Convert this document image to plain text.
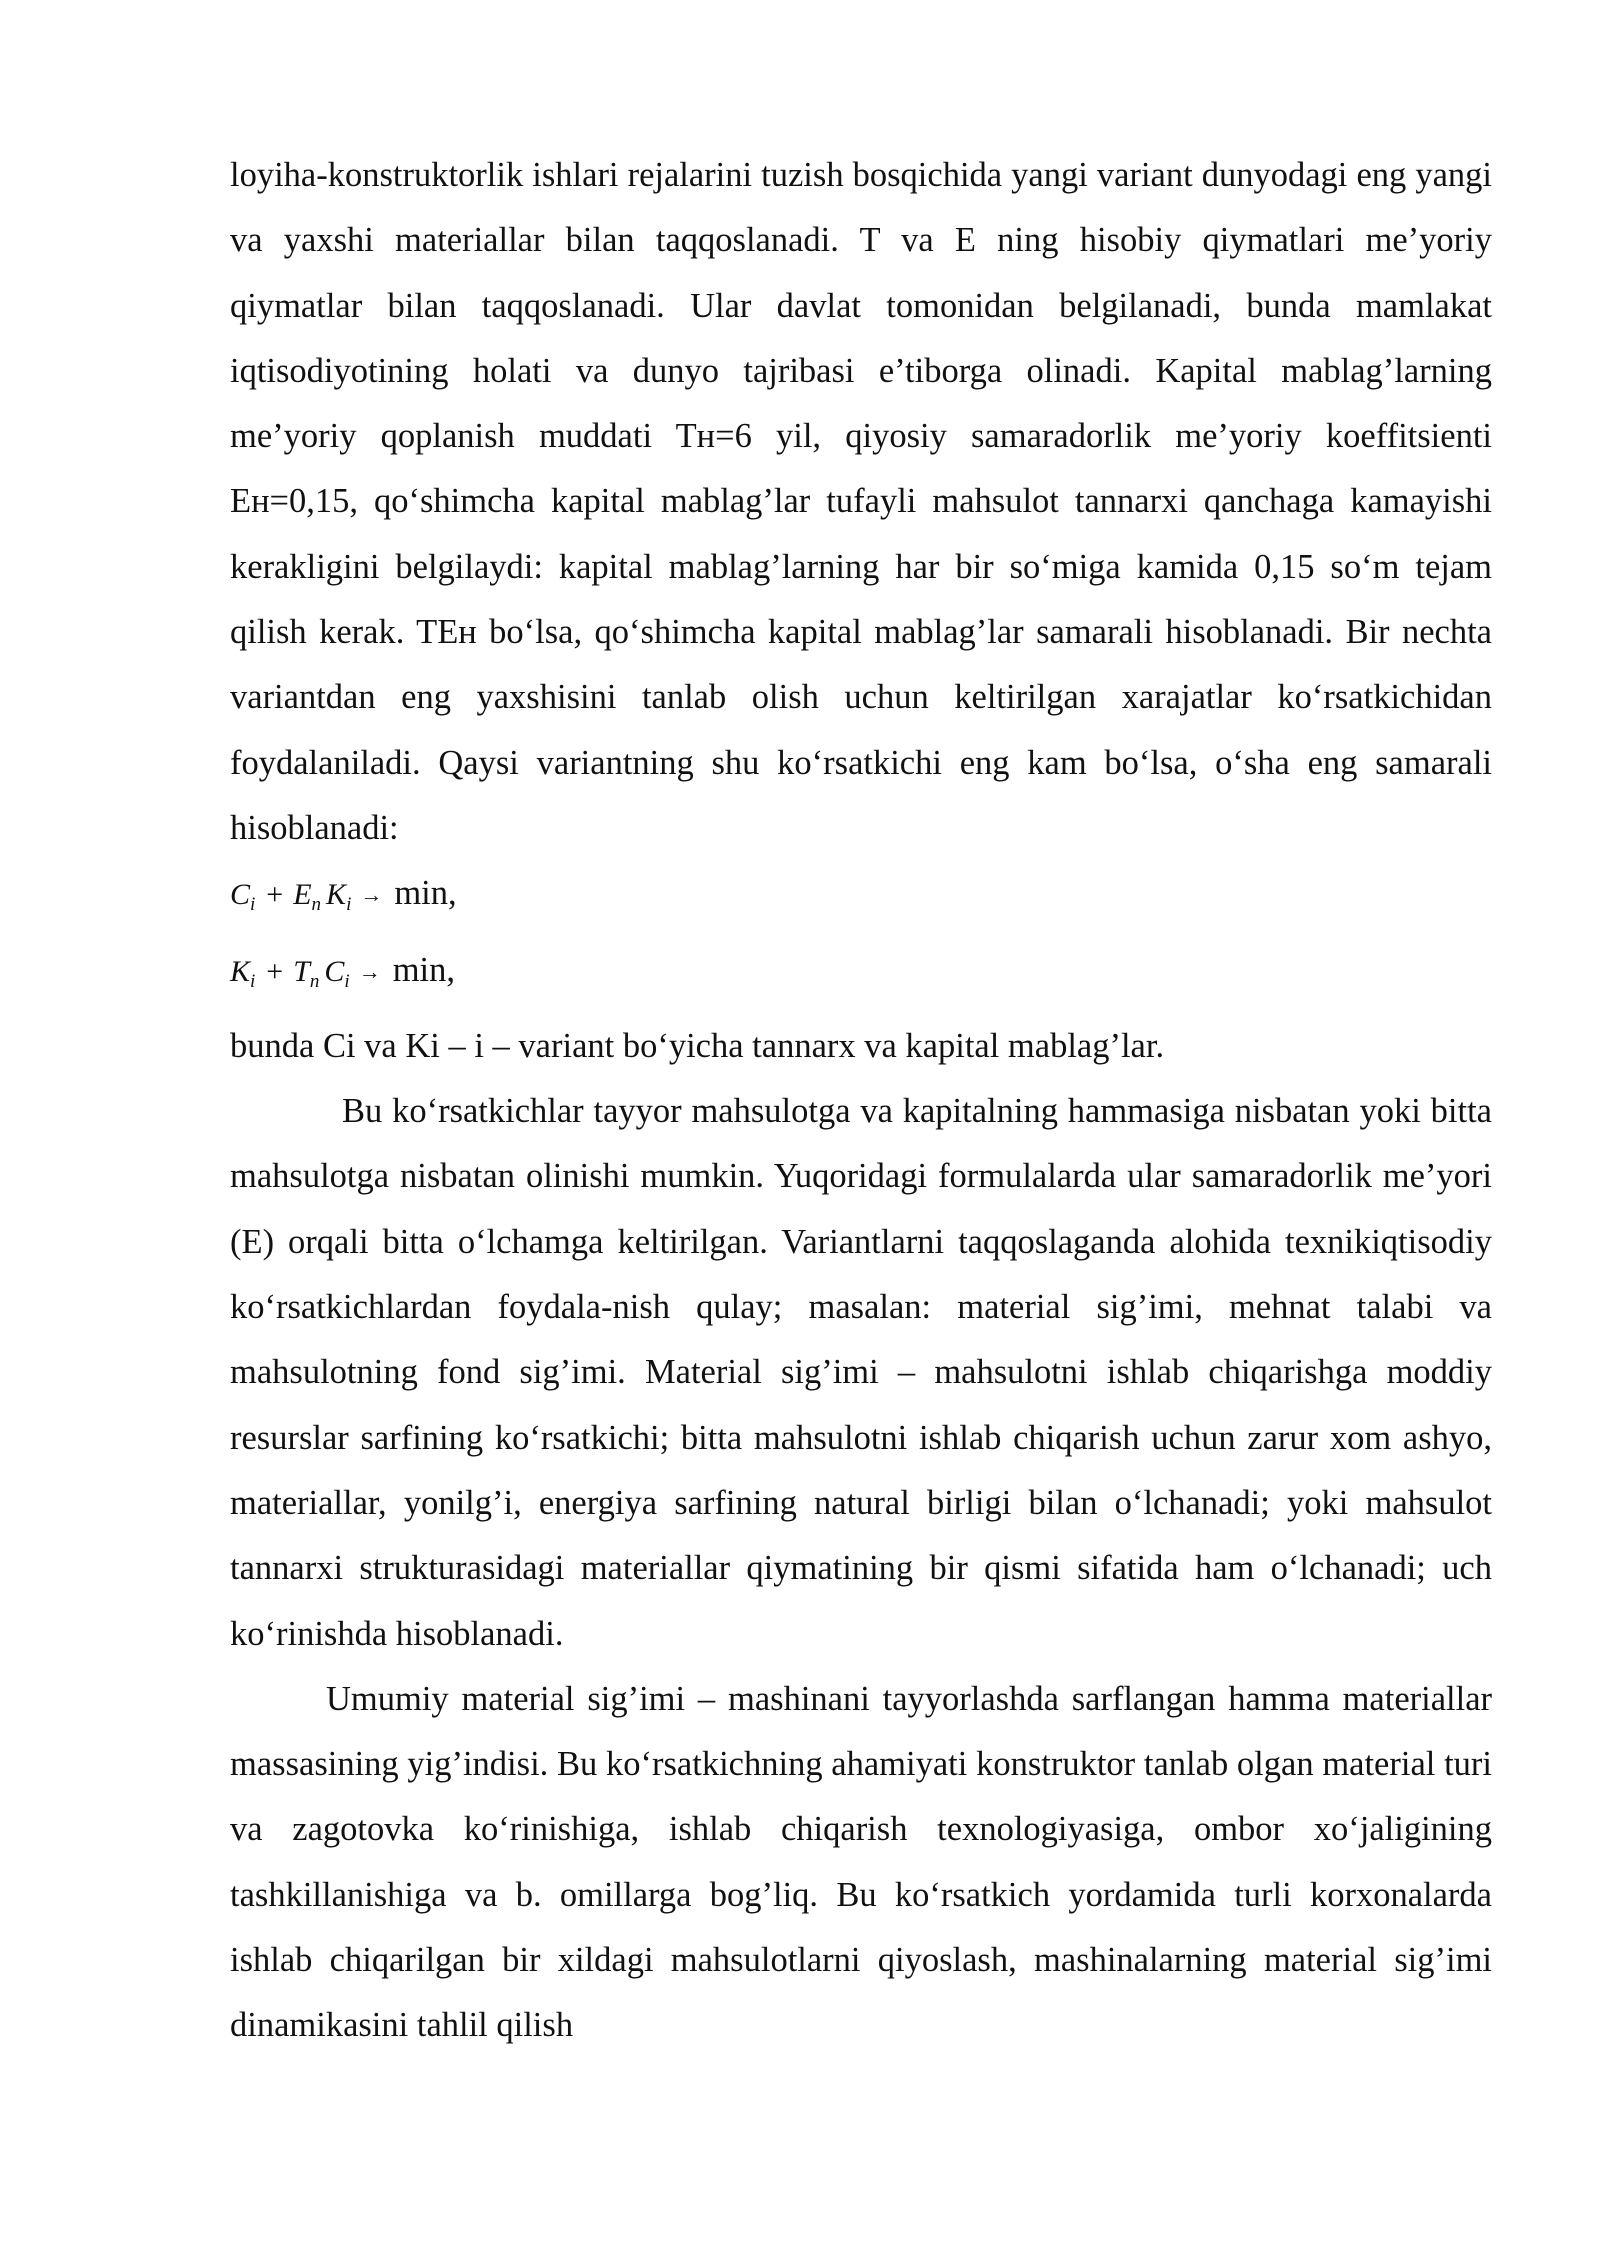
loyiha-konstruktorlik ishlari rejalarini tuzish bosqichida yangi variant dunyodagi eng yangi va yaxshi materiallar bilan taqqoslanadi. T va E ning hisobiy qiymatlari me’yoriy qiymatlar bilan taqqoslanadi. Ular davlat tomonidan belgilanadi, bunda mamlakat iqtisodiyotining holati va dunyo tajribasi e’tiborga olinadi. Kapital mablag’larning me’yoriy qoplanish muddati Tн=6 yil, qiyosiy samaradorlik me’yoriy koeffitsienti Eн=0,15, qo‘shimcha kapital mablag’lar tufayli mahsulot tannarxi qanchaga kamayishi kerakligini belgilaydi: kapital mablag’larning har bir so‘miga kamida 0,15 so‘m tejam qilish kerak. TEн bo‘lsa, qo‘shimcha kapital mablag’lar samarali hisoblanadi. Bir nechta variantdan eng yaxshisini tanlab olish uchun keltirilgan xarajatlar ko‘rsatkichidan foydalaniladi. Qaysi variantning shu ko‘rsatkichi eng kam bo‘lsa, o‘sha eng samarali hisoblanadi:

$C_i + E_n$ $K_i \to \min$,

$K_i + T_n$ $C_i \to \min$,

bunda Ci va Ki – i – variant bo‘yicha tannarx va kapital mablag’lar.

Bu ko‘rsatkichlar tayyor mahsulotga va kapitalning hammasiga nisbatan yoki bitta mahsulotga nisbatan olinishi mumkin. Yuqoridagi formulalarda ular samaradorlik me’yori (E) orqali bitta o‘lchamga keltirilgan. Variantlarni taqqoslaganda alohida texnikiqtisodiy ko‘rsatkichlardan foydala-nish qulay; masalan: material sig’imi, mehnat talabi va mahsulotning fond sig’imi. Material sig’imi – mahsulotni ishlab chiqarishga moddiy resurslar sarfining ko‘rsatkichi; bitta mahsulotni ishlab chiqarish uchun zarur xom ashyo, materiallar, yonilg’i, energiya sarfining natural birligi bilan o‘lchanadi; yoki mahsulot tannarxi strukturasidagi materiallar qiymatining bir qismi sifatida ham o‘lchanadi; uch ko‘rinishda hisoblanadi.

Umumiy material sig’imi – mashinani tayyorlashda sarflangan hamma materiallar massasining yig’indisi. Bu ko‘rsatkichning ahamiyati konstruktor tanlab olgan material turi va zagotovka ko‘rinishiga, ishlab chiqarish texnologiyasiga, ombor xo‘jaligining tashkillanishiga va b. omillarga bog’liq. Bu ko‘rsatkich yordamida turli korxonalarda ishlab chiqarilgan bir xildagi mahsulotlarni qiyoslash, mashinalarning material sig’imi dinamikasini tahlil qilish
